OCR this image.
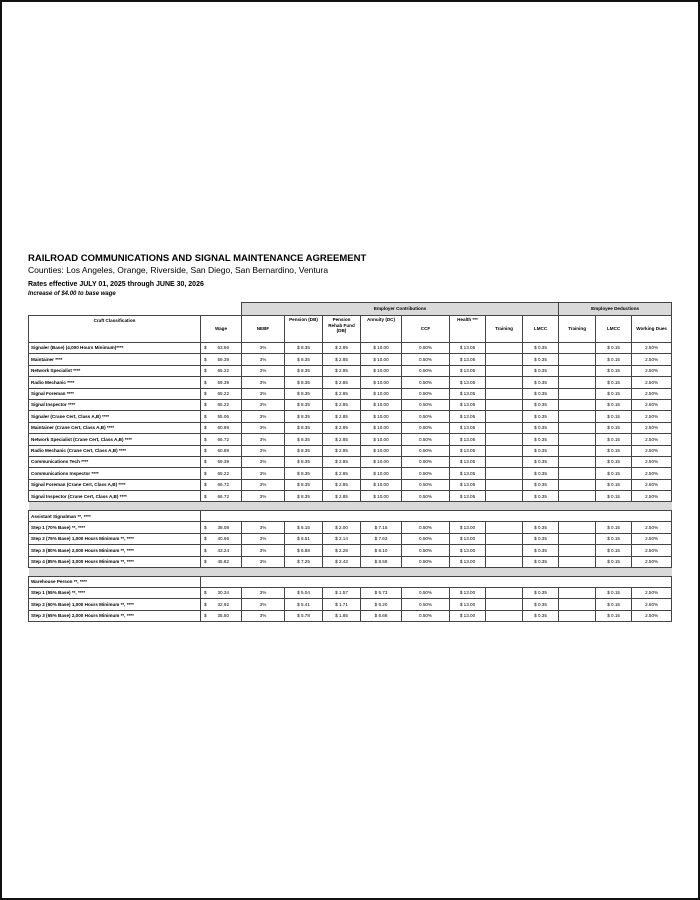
RAILROAD COMMUNICATIONS AND SIGNAL MAINTENANCE AGREEMENT

Counties: Los Angeles, Orange, Riverside, San Diego, San Bernardino, Ventura

Rates effective JULY 01, 2025 through JUNE 30, 2026
Increase of $4.00 to base wage
		Employer Contributions								Employee Deductions		
Craft Classification	Wage	NEBF	Pension (DB)	Pension Rehab Fund (DB)	Annuity (DC)	CCF	Health ***	Training	LMCC	Training	LMCC	Working Dues
Signaler (Base) (4,000 Hours Minimum)****	$ 53.56	3%	$ 8.35	$ 2.85	$ 10.00	0.50%	$ 13.05		$ 0.35		$ 0.15	2.50%
Maintainer ****	$ 59.39	3%	$ 8.35	$ 2.85	$ 10.00	0.50%	$ 13.05		$ 0.35		$ 0.15	2.50%
Network Specialist ****	$ 65.22	3%	$ 8.35	$ 2.85	$ 10.00	0.50%	$ 13.05		$ 0.35		$ 0.15	2.50%
Radio Mechanic ****	$ 59.39	3%	$ 8.35	$ 2.85	$ 10.00	0.50%	$ 13.05		$ 0.35		$ 0.15	2.50%
Signal Foreman ****	$ 65.22	3%	$ 8.35	$ 2.85	$ 10.00	0.50%	$ 13.05		$ 0.35		$ 0.15	2.50%
Signal Inspector ****	$ 65.22	3%	$ 8.35	$ 2.85	$ 10.00	0.50%	$ 13.05		$ 0.35		$ 0.15	2.50%
Signaler (Crane Cert, Class A,B) ****	$ 55.06	3%	$ 8.35	$ 2.85	$ 10.00	0.50%	$ 13.05		$ 0.35		$ 0.15	2.50%
Maintainer (Crane Cert, Class A,B) ****	$ 60.89	3%	$ 8.35	$ 2.85	$ 10.00	0.50%	$ 13.05		$ 0.35		$ 0.15	2.50%
Network Specialist (Crane Cert, Class A,B) ****	$ 66.72	3%	$ 8.35	$ 2.85	$ 10.00	0.50%	$ 13.05		$ 0.35		$ 0.15	2.50%
Radio Mechanic (Crane Cert, Class A,B) ****	$ 60.89	3%	$ 8.35	$ 2.85	$ 10.00	0.50%	$ 13.05		$ 0.35		$ 0.15	2.50%
Communications Tech ****	$ 59.39	3%	$ 8.35	$ 2.85	$ 10.00	0.50%	$ 13.05		$ 0.35		$ 0.15	2.50%
Communications Inspector ****	$ 65.22	3%	$ 8.35	$ 2.85	$ 10.00	0.50%	$ 13.05		$ 0.35		$ 0.15	2.50%
Signal Foreman (Crane Cert, Class A,B) ****	$ 66.72	3%	$ 8.35	$ 2.85	$ 10.00	0.50%	$ 13.05		$ 0.35		$ 0.15	2.50%
Signal Inspector (Crane Cert, Class A,B) ****	$ 66.72	3%	$ 8.35	$ 2.85	$ 10.00	0.50%	$ 13.05		$ 0.35		$ 0.15	2.50%

Assistant Signalman **, ****												
Step 1 (70% Base) **, ****	$ 38.08	3%	$ 6.15	$ 2.00	$ 7.15	0.50%	$ 13.00		$ 0.35		$ 0.15	2.50%
Step 2 (75% Base) 1,000 Hours Minimum **, ****	$ 40.66	3%	$ 6.51	$ 2.14	$ 7.63	0.50%	$ 13.00		$ 0.35		$ 0.15	2.50%
Step 3 (80% Base) 2,000 Hours Minimum **, ****	$ 43.24	3%	$ 6.88	$ 2.28	$ 8.10	0.50%	$ 13.00		$ 0.35		$ 0.15	2.50%
Step 4 (85% Base) 3,000 Hours Minimum **, ****	$ 45.82	3%	$ 7.25	$ 2.42	$ 8.58	0.50%	$ 13.00		$ 0.35		$ 0.15	2.50%

Warehouse Person **, ****												
Step 1 (55% Base) **, ****	$ 30.34	3%	$ 5.04	$ 1.57	$ 5.73	0.50%	$ 13.00		$ 0.35		$ 0.15	2.50%
Step 2 (60% Base) 1,000 Hours Minimum **, ****	$ 32.92	3%	$ 5.41	$ 1.71	$ 6.20	0.50%	$ 13.00		$ 0.35		$ 0.15	2.50%
Step 3 (65% Base) 2,000 Hours Minimum **, ****	$ 35.50	3%	$ 5.78	$ 1.85	$ 6.68	0.50%	$ 13.00		$ 0.35		$ 0.15	2.50%
